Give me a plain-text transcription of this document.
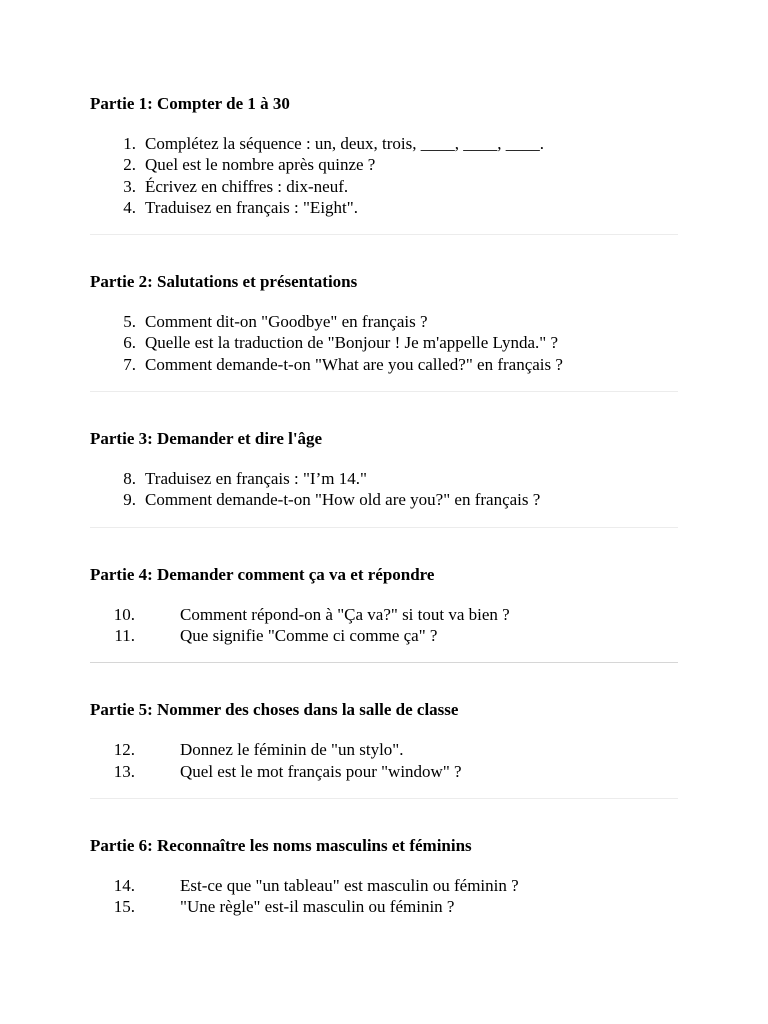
Partie 1: Compter de 1 à 30
1. Complétez la séquence : un, deux, trois, ____, ____, ____.
2. Quel est le nombre après quinze ?
3. Écrivez en chiffres : dix-neuf.
4. Traduisez en français : "Eight".
Partie 2: Salutations et présentations
5. Comment dit-on "Goodbye" en français ?
6. Quelle est la traduction de "Bonjour ! Je m'appelle Lynda." ?
7. Comment demande-t-on "What are you called?" en français ?
Partie 3: Demander et dire l'âge
8. Traduisez en français : "I’m 14."
9. Comment demande-t-on "How old are you?" en français ?
Partie 4: Demander comment ça va et répondre
10.	Comment répond-on à "Ça va?" si tout va bien ?
11.	Que signifie "Comme ci comme ça" ?
Partie 5: Nommer des choses dans la salle de classe
12.	Donnez le féminin de "un stylo".
13.	Quel est le mot français pour "window" ?
Partie 6: Reconnaître les noms masculins et féminins
14.	Est-ce que "un tableau" est masculin ou féminin ?
15.	"Une règle" est-il masculin ou féminin ?
